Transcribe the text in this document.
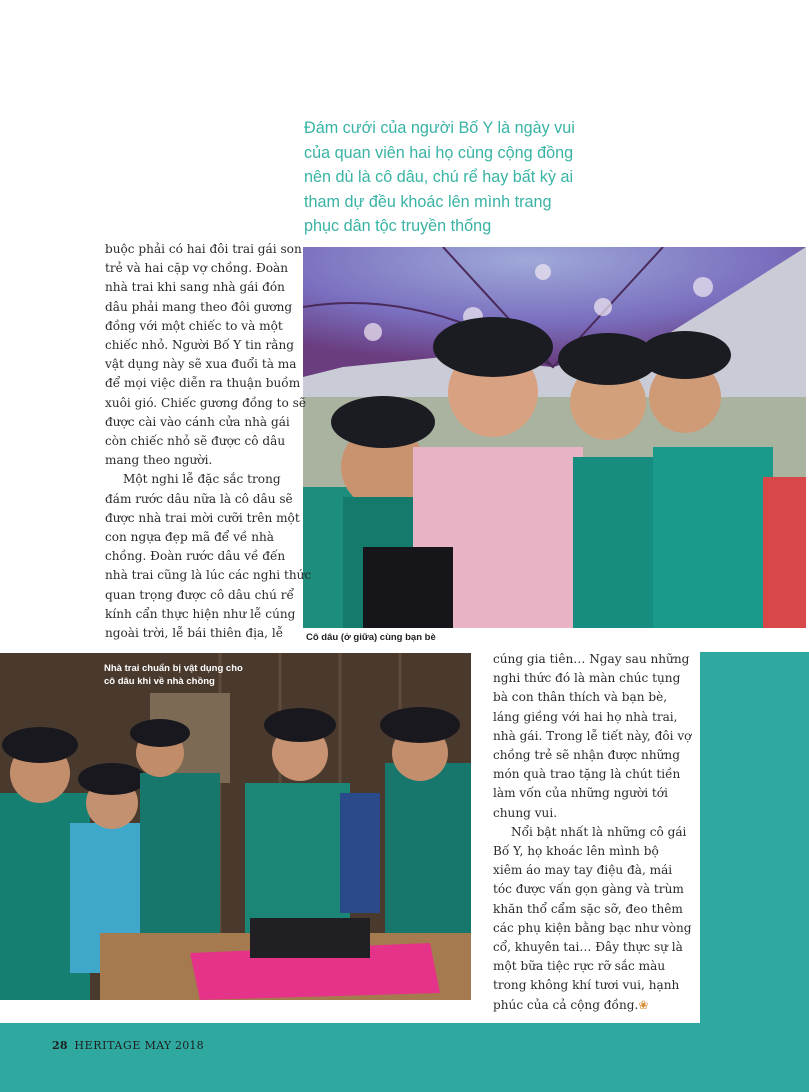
Đám cưới của người Bố Y là ngày vui
của quan viên hai họ cùng cộng đồng
nên dù là cô dâu, chú rể hay bất kỳ ai
tham dự đều khoác lên mình trang
phục dân tộc truyền thống
Cô dâu (ở giữa) cùng bạn bè
buộc phải có hai đôi trai gái son
trẻ và hai cặp vợ chồng. Đoàn
nhà trai khi sang nhà gái đón
dâu phải mang theo đôi gương
đồng với một chiếc to và một
chiếc nhỏ. Người Bố Y tin rằng
vật dụng này sẽ xua đuổi tà ma
để mọi việc diễn ra thuận buồm
xuôi gió. Chiếc gương đồng to sẽ
được cài vào cánh cửa nhà gái
còn chiếc nhỏ sẽ được cô dâu
mang theo người.
Một nghi lễ đặc sắc trong
đám rước dâu nữa là cô dâu sẽ
được nhà trai mời cưỡi trên một
con ngựa đẹp mã để về nhà
chồng. Đoàn rước dâu về đến
nhà trai cũng là lúc các nghi thức
quan trọng được cô dâu chú rể
kính cẩn thực hiện như lễ cúng
ngoài trời, lễ bái thiên địa, lễ
Nhà trai chuẩn bị vật dụng cho
cô dâu khi về nhà chồng
cúng gia tiên… Ngay sau những
nghi thức đó là màn chúc tụng
bà con thân thích và bạn bè,
láng giềng với hai họ nhà trai,
nhà gái. Trong lễ tiết này, đôi vợ
chồng trẻ sẽ nhận được những
món quà trao tặng là chút tiền
làm vốn của những người tới
chung vui.
Nổi bật nhất là những cô gái
Bố Y, họ khoác lên mình bộ
xiêm áo may tay điệu đà, mái
tóc được vấn gọn gàng và trùm
khăn thổ cẩm sặc sỡ, đeo thêm
các phụ kiện bằng bạc như vòng
cổ, khuyên tai… Đây thực sự là
một bữa tiệc rực rỡ sắc màu
trong không khí tươi vui, hạnh
phúc của cả cộng đồng.❀
28 HERITAGE MAY 2018
